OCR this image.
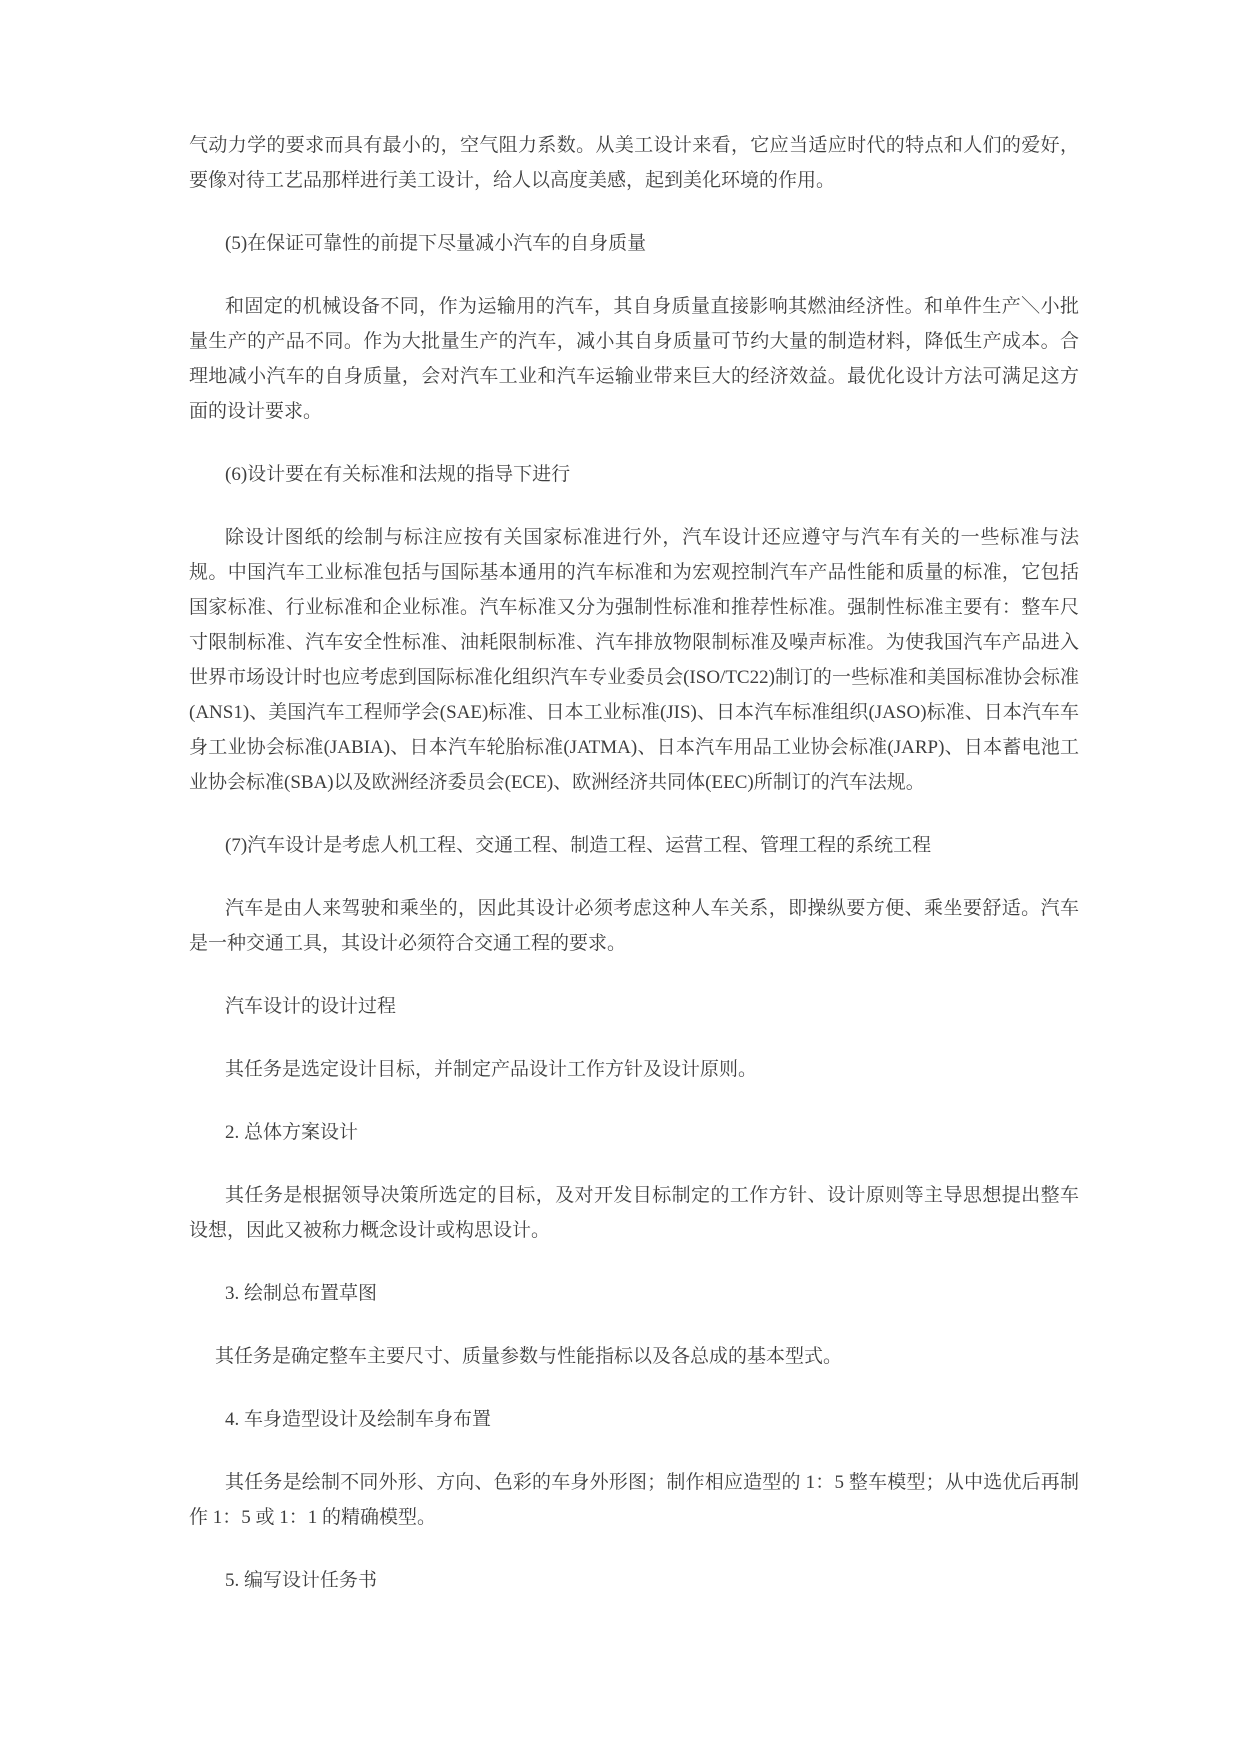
气动力学的要求而具有最小的，空气阻力系数。从美工设计来看，它应当适应时代的特点和人们的爱好，要像对待工艺品那样进行美工设计，给人以高度美感，起到美化环境的作用。

(5)在保证可靠性的前提下尽量减小汽车的自身质量

和固定的机械设备不同，作为运输用的汽车，其自身质量直接影响其燃油经济性。和单件生产＼小批量生产的产品不同。作为大批量生产的汽车，减小其自身质量可节约大量的制造材料，降低生产成本。合理地减小汽车的自身质量，会对汽车工业和汽车运输业带来巨大的经济效益。最优化设计方法可满足这方面的设计要求。

(6)设计要在有关标准和法规的指导下进行

除设计图纸的绘制与标注应按有关国家标准进行外，汽车设计还应遵守与汽车有关的一些标准与法规。中国汽车工业标准包括与国际基本通用的汽车标准和为宏观控制汽车产品性能和质量的标准，它包括国家标准、行业标准和企业标准。汽车标准又分为强制性标准和推荐性标准。强制性标准主要有：整车尺寸限制标准、汽车安全性标准、油耗限制标准、汽车排放物限制标准及噪声标准。为使我国汽车产品进入世界市场设计时也应考虑到国际标准化组织汽车专业委员会(ISO/TC22)制订的一些标准和美国标准协会标准(ANS1)、美国汽车工程师学会(SAE)标准、日本工业标准(JIS)、日本汽车标准组织(JASO)标准、日本汽车车身工业协会标准(JABIA)、日本汽车轮胎标准(JATMA)、日本汽车用品工业协会标准(JARP)、日本蓄电池工业协会标准(SBA)以及欧洲经济委员会(ECE)、欧洲经济共同体(EEC)所制订的汽车法规。

(7)汽车设计是考虑人机工程、交通工程、制造工程、运营工程、管理工程的系统工程

汽车是由人来驾驶和乘坐的，因此其设计必须考虑这种人车关系，即操纵要方便、乘坐要舒适。汽车是一种交通工具，其设计必须符合交通工程的要求。

汽车设计的设计过程

其任务是选定设计目标，并制定产品设计工作方针及设计原则。

2. 总体方案设计

其任务是根据领导决策所选定的目标，及对开发目标制定的工作方针、设计原则等主导思想提出整车设想，因此又被称力概念设计或构思设计。

3. 绘制总布置草图

其任务是确定整车主要尺寸、质量参数与性能指标以及各总成的基本型式。

4. 车身造型设计及绘制车身布置

其任务是绘制不同外形、方向、色彩的车身外形图；制作相应造型的 1：5 整车模型；从中选优后再制作 1：5 或 1：1 的精确模型。

5. 编写设计任务书
